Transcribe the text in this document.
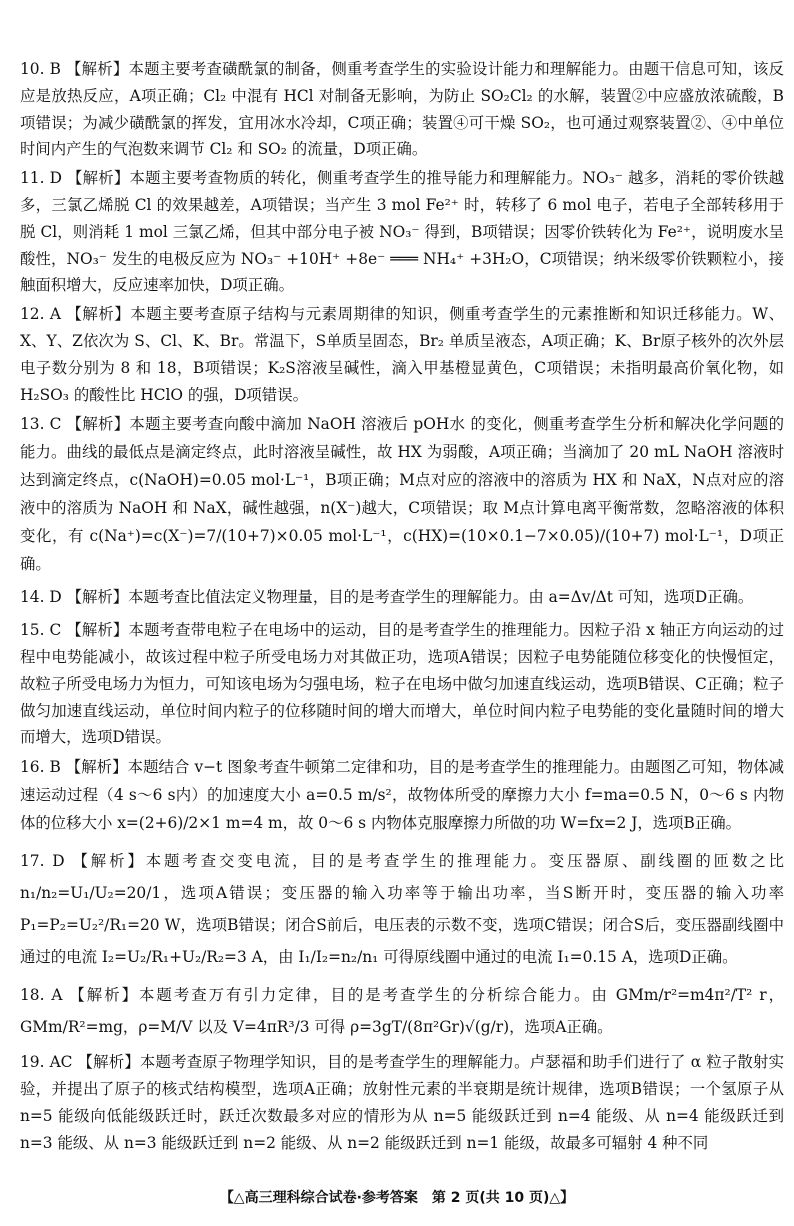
10. B 【解析】本题主要考查磺酰氯的制备，侧重考查学生的实验设计能力和理解能力。由题干信息可知，该反应是放热反应，A项正确；Cl₂ 中混有 HCl 对制备无影响，为防止 SO₂Cl₂ 的水解，装置②中应盛放浓硫酸，B项错误；为减少磺酰氯的挥发，宜用冰水冷却，C项正确；装置④可干燥 SO₂，也可通过观察装置②、④中单位时间内产生的气泡数来调节 Cl₂ 和 SO₂ 的流量，D项正确。
11. D 【解析】本题主要考查物质的转化，侧重考查学生的推导能力和理解能力。NO₃⁻ 越多，消耗的零价铁越多，三氯乙烯脱 Cl 的效果越差，A项错误；当产生 3 mol Fe²⁺ 时，转移了 6 mol 电子，若电子全部转移用于脱 Cl，则消耗 1 mol 三氯乙烯，但其中部分电子被 NO₃⁻ 得到，B项错误；因零价铁转化为 Fe²⁺，说明废水呈酸性，NO₃⁻ 发生的电极反应为 NO₃⁻ +10H⁺ +8e⁻ ═══ NH₄⁺ +3H₂O，C项错误；纳米级零价铁颗粒小，接触面积增大，反应速率加快，D项正确。
12. A 【解析】本题主要考查原子结构与元素周期律的知识，侧重考查学生的元素推断和知识迁移能力。W、X、Y、Z依次为 S、Cl、K、Br。常温下，S单质呈固态，Br₂ 单质呈液态，A项正确；K、Br原子核外的次外层电子数分别为 8 和 18，B项错误；K₂S溶液呈碱性，滴入甲基橙显黄色，C项错误；未指明最高价氧化物，如 H₂SO₃ 的酸性比 HClO 的强，D项错误。
13. C 【解析】本题主要考查向酸中滴加 NaOH 溶液后 pOH水 的变化，侧重考查学生分析和解决化学问题的能力。曲线的最低点是滴定终点，此时溶液呈碱性，故 HX 为弱酸，A项正确；当滴加了 20 mL NaOH 溶液时达到滴定终点，c(NaOH)=0.05 mol·L⁻¹，B项正确；M点对应的溶液中的溶质为 HX 和 NaX，N点对应的溶液中的溶质为 NaOH 和 NaX，碱性越强，n(X⁻)越大，C项错误；取 M点计算电离平衡常数，忽略溶液的体积变化，有 c(Na⁺)=c(X⁻)=7/(10+7)×0.05 mol·L⁻¹，c(HX)=(10×0.1−7×0.05)/(10+7) mol·L⁻¹，D项正确。
14. D 【解析】本题考查比值法定义物理量，目的是考查学生的理解能力。由 a=Δv/Δt 可知，选项D正确。
15. C 【解析】本题考查带电粒子在电场中的运动，目的是考查学生的推理能力。因粒子沿 x 轴正方向运动的过程中电势能减小，故该过程中粒子所受电场力对其做正功，选项A错误；因粒子电势能随位移变化的快慢恒定，故粒子所受电场力为恒力，可知该电场为匀强电场，粒子在电场中做匀加速直线运动，选项B错误、C正确；粒子做匀加速直线运动，单位时间内粒子的位移随时间的增大而增大，单位时间内粒子电势能的变化量随时间的增大而增大，选项D错误。
16. B 【解析】本题结合 v−t 图象考查牛顿第二定律和功，目的是考查学生的推理能力。由题图乙可知，物体减速运动过程（4 s～6 s内）的加速度大小 a=0.5 m/s²，故物体所受的摩擦力大小 f=ma=0.5 N，0～6 s 内物体的位移大小 x=(2+6)/2×1 m=4 m，故 0～6 s 内物体克服摩擦力所做的功 W=fx=2 J，选项B正确。
17. D 【解析】本题考查交变电流，目的是考查学生的推理能力。变压器原、副线圈的匝数之比 n₁/n₂=U₁/U₂=20/1，选项A错误；变压器的输入功率等于输出功率，当S断开时，变压器的输入功率 P₁=P₂=U₂²/R₁=20 W，选项B错误；闭合S前后，电压表的示数不变，选项C错误；闭合S后，变压器副线圈中通过的电流 I₂=U₂/R₁+U₂/R₂=3 A，由 I₁/I₂=n₂/n₁ 可得原线圈中通过的电流 I₁=0.15 A，选项D正确。
18. A 【解析】本题考查万有引力定律，目的是考查学生的分析综合能力。由 GMm/r²=m4π²/T² r，GMm/R²=mg，ρ=M/V 以及 V=4πR³/3 可得 ρ=3gT/(8π²Gr)√(g/r)，选项A正确。
19. AC 【解析】本题考查原子物理学知识，目的是考查学生的理解能力。卢瑟福和助手们进行了 α 粒子散射实验，并提出了原子的核式结构模型，选项A正确；放射性元素的半衰期是统计规律，选项B错误；一个氢原子从 n=5 能级向低能级跃迁时，跃迁次数最多对应的情形为从 n=5 能级跃迁到 n=4 能级、从 n=4 能级跃迁到 n=3 能级、从 n=3 能级跃迁到 n=2 能级、从 n=2 能级跃迁到 n=1 能级，故最多可辐射 4 种不同
【△高三理科综合试卷·参考答案　第 2 页(共 10 页)△】
